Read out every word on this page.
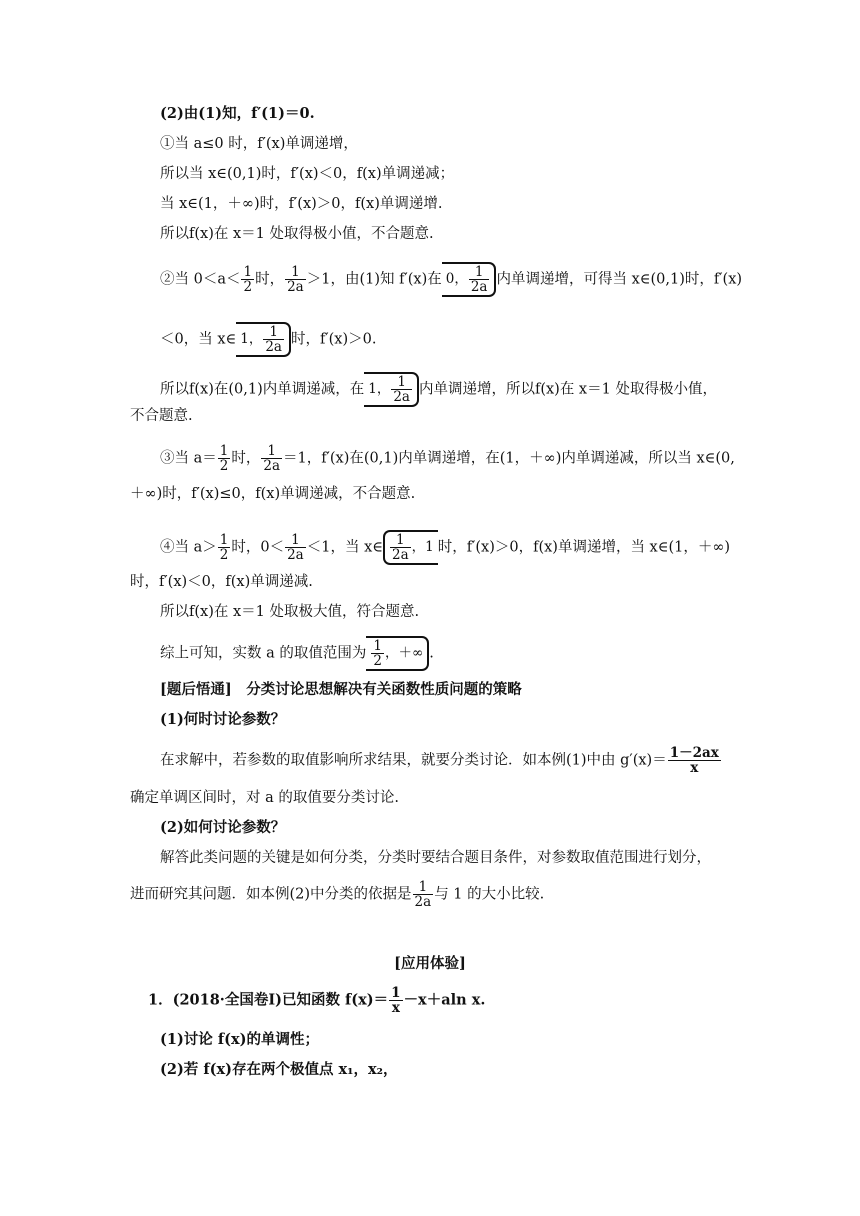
(2)由(1)知，f′(1)＝0.
①当 a≤0 时，f′(x)单调递增，
所以当 x∈(0,1)时，f′(x)＜0，f(x)单调递减；
当 x∈(1，＋∞)时，f′(x)＞0，f(x)单调递增.
所以f(x)在 x＝1 处取得极小值，不合题意.
②当 $0<a< \frac{1}{2}$ 时， $\frac{1}{2a} >1$，由(1)知 f′(x)在 0， $\frac{1}{2a}$ 内单调递增，可得当 x∈(0,1)时，f′(x)
＜0，当 x∈ 1， $\frac{1}{2a}$ 时，f′(x)＞0.
所以f(x)在(0,1)内单调递减，在 1， $\frac{1}{2a}$ 内单调递增，所以f(x)在 x＝1 处取得极小值，
不合题意.
③当 $a= \frac{1}{2}$ 时， $\frac{1}{2a} =1$，f′(x)在(0,1)内单调递增，在(1，＋∞)内单调递减，所以当 x∈(0,
＋∞)时，f′(x)≤0，f(x)单调递减，不合题意.
④当 $a> \frac{1}{2}$ 时，$0< \frac{1}{2a} <1$，当 x∈ $\frac{1}{2a}$ ，1 时，f′(x)＞0，f(x)单调递增，当 x∈(1，＋∞)
时，f′(x)＜0，f(x)单调递减.
所以f(x)在 x＝1 处取极大值，符合题意.
综上可知，实数 a 的取值范围为 $\frac{1}{2}$ ，＋∞ .
[题后悟通]　分类讨论思想解决有关函数性质问题的策略
(1)何时讨论参数？
在求解中，若参数的取值影响所求结果，就要分类讨论．如本例(1)中由 $g'(x)= \frac{1-2ax}{x}$
确定单调区间时，对 a 的取值要分类讨论.
(2)如何讨论参数？
解答此类问题的关键是如何分类，分类时要结合题目条件，对参数取值范围进行划分，
进而研究其问题．如本例(2)中分类的依据是 $\frac{1}{2a}$ 与 1 的大小比较.
[应用体验]
1．(2018·全国卷Ⅰ)已知函数 $f(x)= \frac{1}{x} -x+aln$ x.
(1)讨论 f(x)的单调性；
(2)若 f(x)存在两个极值点 x₁，x₂，
